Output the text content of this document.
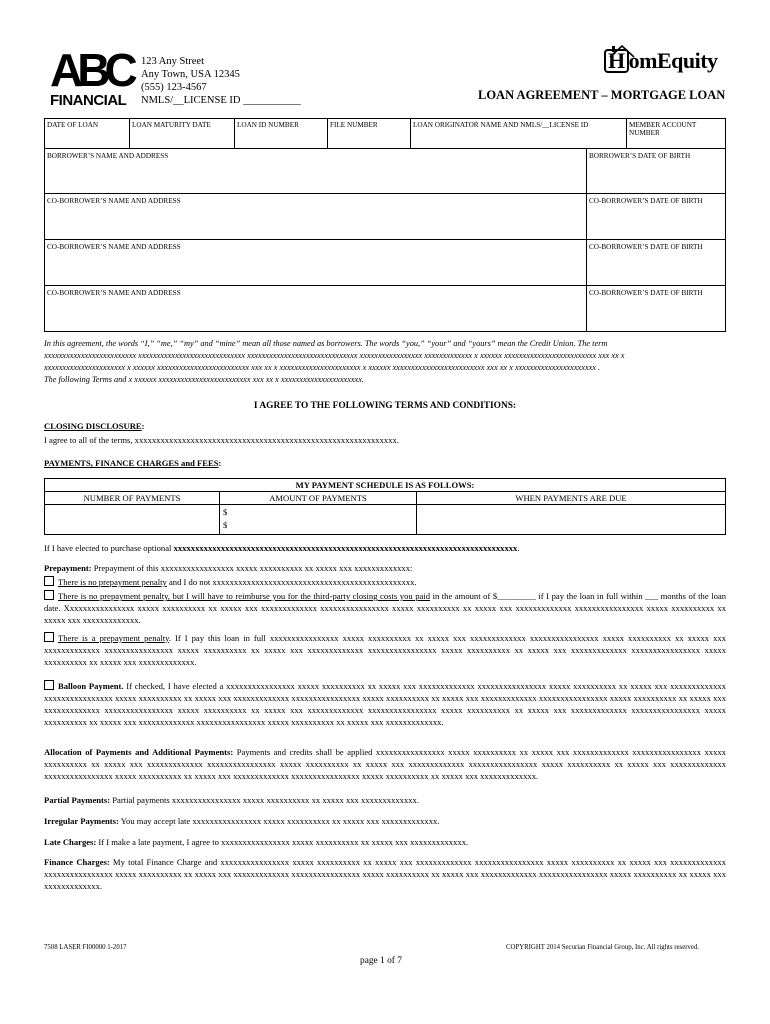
ABC
FINANCIAL
123 Any Street
Any Town, USA 12345
(555) 123-4567
NMLS/__LICENSE ID ___________
H omEquity
LOAN AGREEMENT – MORTGAGE LOAN
DATE OF LOAN	LOAN MATURITY DATE	LOAN ID NUMBER	FILE NUMBER	LOAN ORIGINATOR NAME AND NMLS/__LICENSE ID	MEMBER ACCOUNT NUMBER
BORROWER’S NAME AND ADDRESS	BORROWER’S DATE OF BIRTH
CO-BORROWER’S NAME AND ADDRESS	CO-BORROWER’S DATE OF BIRTH
CO-BORROWER’S NAME AND ADDRESS	CO-BORROWER’S DATE OF BIRTH
CO-BORROWER’S NAME AND ADDRESS	CO-BORROWER’S DATE OF BIRTH
In this agreement, the words “I,” “me,” “my” and “mine” mean all those named as borrowers. The words “you,” “your” and “yours” mean the Credit Union. The term
xxxxxxxxxxxxxxxxxxxxxxxxx xxxxxxxxxxxxxxxxxxxxxxxxxxxxx xxxxxxxxxxxxxxxxxxxxxxxxxxxxxx xxxxxxxxxxxxxxxxx xxxxxxxxxxxxx x xxxxxx xxxxxxxxxxxxxxxxxxxxxxxxx xxx xx x
xxxxxxxxxxxxxxxxxxxxxx x xxxxxx xxxxxxxxxxxxxxxxxxxxxxxxx xxx xx x xxxxxxxxxxxxxxxxxxxxxx x xxxxxx xxxxxxxxxxxxxxxxxxxxxxxxx xxx xx x xxxxxxxxxxxxxxxxxxxxxx .
The following Terms and x xxxxxx xxxxxxxxxxxxxxxxxxxxxxxxx xxx xx x xxxxxxxxxxxxxxxxxxxxxx.
I AGREE TO THE FOLLOWING TERMS AND CONDITIONS:
CLOSING DISCLOSURE:
I agree to all of the terms, xxxxxxxxxxxxxxxxxxxxxxxxxxxxxxxxxxxxxxxxxxxxxxxxxxxxxxxxxxxxx.
PAYMENTS, FINANCE CHARGES and FEES:
MY PAYMENT SCHEDULE IS AS FOLLOWS:		
NUMBER OF PAYMENTS	AMOUNT OF PAYMENTS	WHEN PAYMENTS ARE DUE
	$
$	
If I have elected to purchase optional xxxxxxxxxxxxxxxxxxxxxxxxxxxxxxxxxxxxxxxxxxxxxxxxxxxxxxxxxxxxxxxxxxxxxxxxxxxxxxxx.
Prepayment: Prepayment of this xxxxxxxxxxxxxxxxx xxxxx xxxxxxxxxx xx xxxxx xxx xxxxxxxxxxxxx:
There is no prepayment penalty and I do not xxxxxxxxxxxxxxxxxxxxxxxxxxxxxxxxxxxxxxxxxxxxxxx.
There is no prepayment penalty, but I will have to reimburse you for the third-party closing costs you paid in the amount of $_________ if I pay the loan in full within ___ months of the loan date. Xxxxxxxxxxxxxxxx xxxxx xxxxxxxxxx xx xxxxx xxx xxxxxxxxxxxxx xxxxxxxxxxxxxxxx xxxxx xxxxxxxxxx xx xxxxx xxx xxxxxxxxxxxxx xxxxxxxxxxxxxxxx xxxxx xxxxxxxxxx xx xxxxx xxx xxxxxxxxxxxxx.
There is a prepayment penalty. If I pay this loan in full xxxxxxxxxxxxxxxx xxxxx xxxxxxxxxx xx xxxxx xxx xxxxxxxxxxxxx xxxxxxxxxxxxxxxx xxxxx xxxxxxxxxx xx xxxxx xxx xxxxxxxxxxxxx xxxxxxxxxxxxxxxx xxxxx xxxxxxxxxx xx xxxxx xxx xxxxxxxxxxxxx xxxxxxxxxxxxxxxx xxxxx xxxxxxxxxx xx xxxxx xxx xxxxxxxxxxxxx xxxxxxxxxxxxxxxx xxxxx xxxxxxxxxx xx xxxxx xxx xxxxxxxxxxxxx.
Balloon Payment. If checked, I have elected a xxxxxxxxxxxxxxxx xxxxx xxxxxxxxxx xx xxxxx xxx xxxxxxxxxxxxx xxxxxxxxxxxxxxxx xxxxx xxxxxxxxxx xx xxxxx xxx xxxxxxxxxxxxx xxxxxxxxxxxxxxxx xxxxx xxxxxxxxxx xx xxxxx xxx xxxxxxxxxxxxx xxxxxxxxxxxxxxxx xxxxx xxxxxxxxxx xx xxxxx xxx xxxxxxxxxxxxx xxxxxxxxxxxxxxxx xxxxx xxxxxxxxxx xx xxxxx xxx xxxxxxxxxxxxx xxxxxxxxxxxxxxxx xxxxx xxxxxxxxxx xx xxxxx xxx xxxxxxxxxxxxx xxxxxxxxxxxxxxxx xxxxx xxxxxxxxxx xx xxxxx xxx xxxxxxxxxxxxx xxxxxxxxxxxxxxxx xxxxx xxxxxxxxxx xx xxxxx xxx xxxxxxxxxxxxx xxxxxxxxxxxxxxxx xxxxx xxxxxxxxxx xx xxxxx xxx xxxxxxxxxxxxx.
Allocation of Payments and Additional Payments: Payments and credits shall be applied xxxxxxxxxxxxxxxx xxxxx xxxxxxxxxx xx xxxxx xxx xxxxxxxxxxxxx xxxxxxxxxxxxxxxx xxxxx xxxxxxxxxx xx xxxxx xxx xxxxxxxxxxxxx xxxxxxxxxxxxxxxx xxxxx xxxxxxxxxx xx xxxxx xxx xxxxxxxxxxxxx xxxxxxxxxxxxxxxx xxxxx xxxxxxxxxx xx xxxxx xxx xxxxxxxxxxxxx xxxxxxxxxxxxxxxx xxxxx xxxxxxxxxx xx xxxxx xxx xxxxxxxxxxxxx xxxxxxxxxxxxxxxx xxxxx xxxxxxxxxx xx xxxxx xxx xxxxxxxxxxxxx.
Partial Payments: Partial payments xxxxxxxxxxxxxxxx xxxxx xxxxxxxxxx xx xxxxx xxx xxxxxxxxxxxxx.
Irregular Payments: You may accept late xxxxxxxxxxxxxxxx xxxxx xxxxxxxxxx xx xxxxx xxx xxxxxxxxxxxxx.
Late Charges: If I make a late payment, I agree to xxxxxxxxxxxxxxxx xxxxx xxxxxxxxxx xx xxxxx xxx xxxxxxxxxxxxx.
Finance Charges: My total Finance Charge and xxxxxxxxxxxxxxxx xxxxx xxxxxxxxxx xx xxxxx xxx xxxxxxxxxxxxx xxxxxxxxxxxxxxxx xxxxx xxxxxxxxxx xx xxxxx xxx xxxxxxxxxxxxx xxxxxxxxxxxxxxxx xxxxx xxxxxxxxxx xx xxxxx xxx xxxxxxxxxxxxx xxxxxxxxxxxxxxxx xxxxx xxxxxxxxxx xx xxxxx xxx xxxxxxxxxxxxx xxxxxxxxxxxxxxxx xxxxx xxxxxxxxxx xx xxxxx xxx xxxxxxxxxxxxx.
7508 LASER FI00000 1-2017	COPYRIGHT 2014 Securian Financial Group, Inc. All rights reserved.
page 1 of 7
